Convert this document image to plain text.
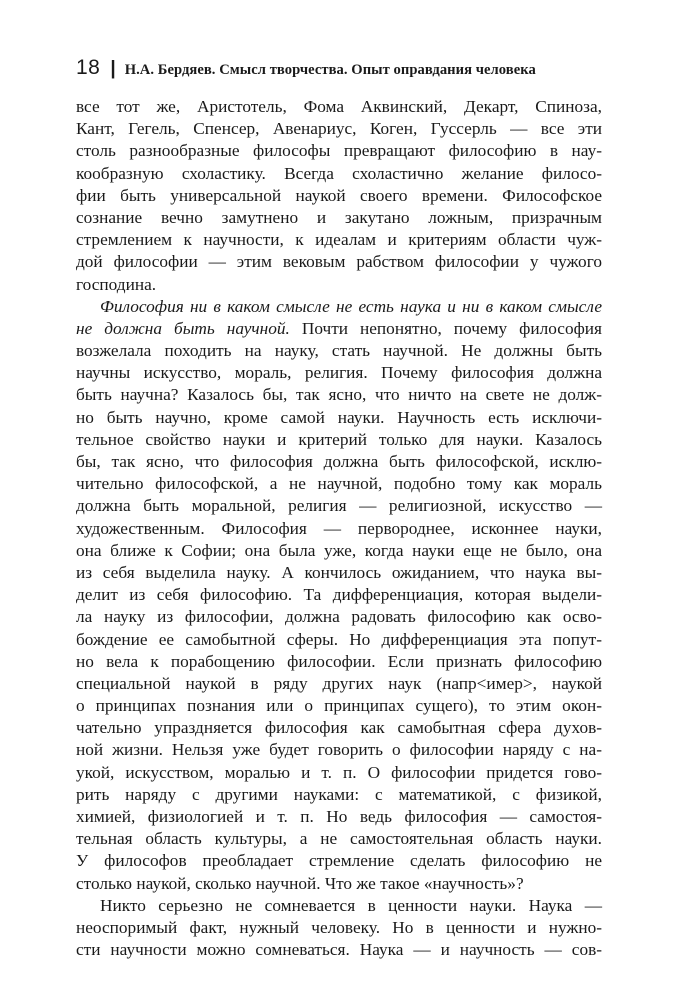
18 | Н.А. Бердяев. Смысл творчества. Опыт оправдания человека

все тот же, Аристотель, Фома Аквинский, Декарт, Спиноза,
Кант, Гегель, Спенсер, Авенариус, Коген, Гуссерль — все эти
столь разнообразные философы превращают философию в нау-
кообразную схоластику. Всегда схоластично желание филосо-
фии быть универсальной наукой своего времени. Философское
сознание вечно замутнено и закутано ложным, призрачным
стремлением к научности, к идеалам и критериям области чуж-
дой философии — этим вековым рабством философии у чужого
господина.

Философия ни в каком смысле не есть наука и ни в каком смысле
не должна быть научной. Почти непонятно, почему философия
возжелала походить на науку, стать научной. Не должны быть
научны искусство, мораль, религия. Почему философия должна
быть научна? Казалось бы, так ясно, что ничто на свете не долж-
но быть научно, кроме самой науки. Научность есть исключи-
тельное свойство науки и критерий только для науки. Казалось
бы, так ясно, что философия должна быть философской, исклю-
чительно философской, а не научной, подобно тому как мораль
должна быть моральной, религия — религиозной, искусство —
художественным. Философия — первороднее, исконнее науки,
она ближе к Софии; она была уже, когда науки еще не было, она
из себя выделила науку. А кончилось ожиданием, что наука вы-
делит из себя философию. Та дифференциация, которая выдели-
ла науку из философии, должна радовать философию как осво-
бождение ее самобытной сферы. Но дифференциация эта попут-
но вела к порабощению философии. Если признать философию
специальной наукой в ряду других наук (напр<имер>, наукой
о принципах познания или о принципах сущего), то этим окон-
чательно упраздняется философия как самобытная сфера духов-
ной жизни. Нельзя уже будет говорить о философии наряду с на-
укой, искусством, моралью и т. п. О философии придется гово-
рить наряду с другими науками: с математикой, с физикой,
химией, физиологией и т. п. Но ведь философия — самостоя-
тельная область культуры, а не самостоятельная область науки.
У философов преобладает стремление сделать философию не
столько наукой, сколько научной. Что же такое «научность»?

Никто серьезно не сомневается в ценности науки. Наука —
неоспоримый факт, нужный человеку. Но в ценности и нужно-
сти научности можно сомневаться. Наука — и научность — сов-
